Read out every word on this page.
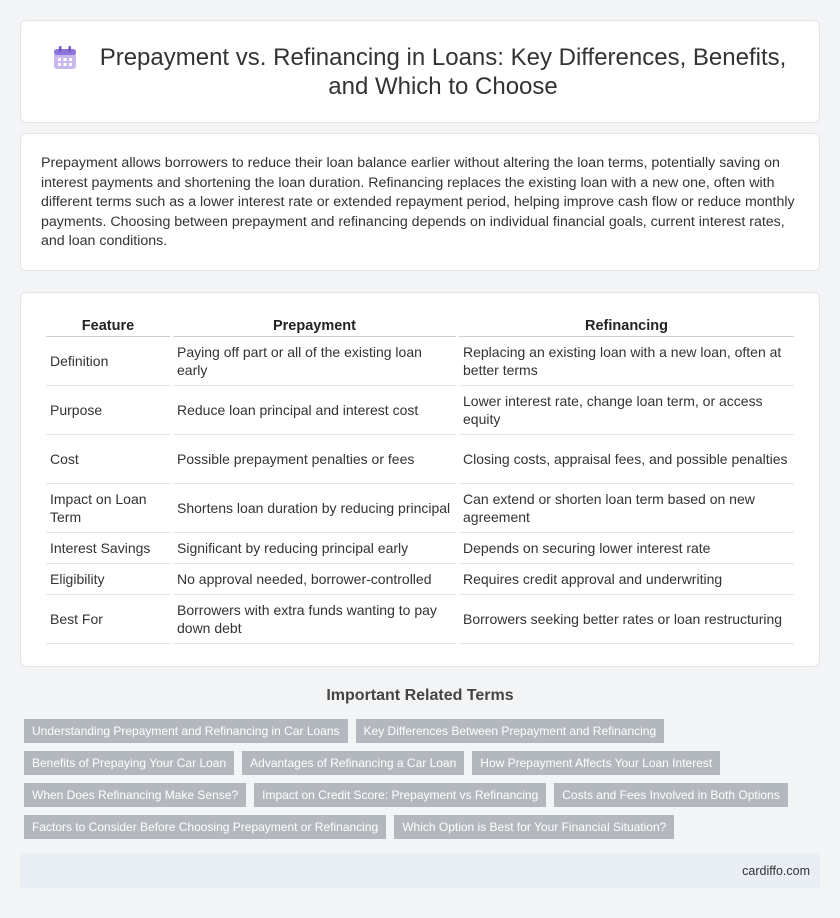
Prepayment vs. Refinancing in Loans: Key Differences, Benefits, and Which to Choose

Prepayment allows borrowers to reduce their loan balance earlier without altering the loan terms, potentially saving on interest payments and shortening the loan duration. Refinancing replaces the existing loan with a new one, often with different terms such as a lower interest rate or extended repayment period, helping improve cash flow or reduce monthly payments. Choosing between prepayment and refinancing depends on individual financial goals, current interest rates, and loan conditions.

Feature	Prepayment	Refinancing
Definition	Paying off part or all of the existing loan early	Replacing an existing loan with a new loan, often at better terms
Purpose	Reduce loan principal and interest cost	Lower interest rate, change loan term, or access equity
Cost	Possible prepayment penalties or fees	Closing costs, appraisal fees, and possible penalties
Impact on Loan Term	Shortens loan duration by reducing principal	Can extend or shorten loan term based on new agreement
Interest Savings	Significant by reducing principal early	Depends on securing lower interest rate
Eligibility	No approval needed, borrower-controlled	Requires credit approval and underwriting
Best For	Borrowers with extra funds wanting to pay down debt	Borrowers seeking better rates or loan restructuring
Important Related Terms
Understanding Prepayment and Refinancing in Car Loans	Key Differences Between Prepayment and Refinancing
Benefits of Prepaying Your Car Loan	Advantages of Refinancing a Car Loan	How Prepayment Affects Your Loan Interest
When Does Refinancing Make Sense?	Impact on Credit Score: Prepayment vs Refinancing	Costs and Fees Involved in Both Options
Factors to Consider Before Choosing Prepayment or Refinancing	Which Option is Best for Your Financial Situation?
cardiffo.com
